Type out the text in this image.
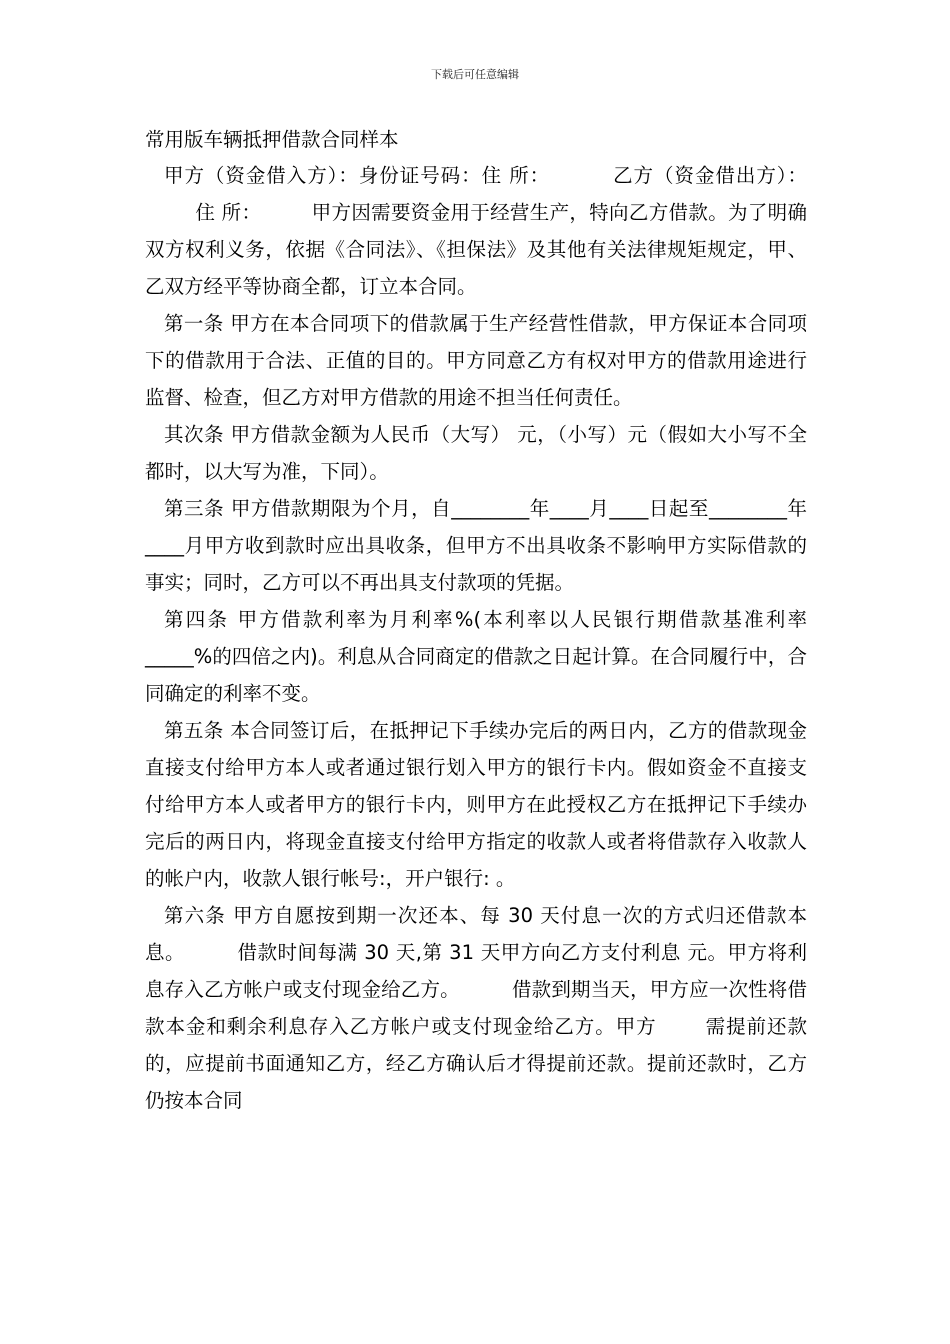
下载后可任意编辑

常用版车辆抵押借款合同样本

甲方（资金借入方）：身份证号码：住 所：	乙方（资金借出方）：住 所：	甲方因需要资金用于经营生产，特向乙方借款。为了明确双方权利义务，依据《合同法》、《担保法》及其他有关法律规矩规定，甲、乙双方经平等协商全都，订立本合同。

第一条 甲方在本合同项下的借款属于生产经营性借款，甲方保证本合同项下的借款用于合法、正值的目的。甲方同意乙方有权对甲方的借款用途进行监督、检查，但乙方对甲方借款的用途不担当任何责任。

其次条 甲方借款金额为人民币（大写） 元，（小写）元（假如大小写不全都时，以大写为准，下同）。

第三条 甲方借款期限为个月，自________年____月____日起至________年____月甲方收到款时应出具收条，但甲方不出具收条不影响甲方实际借款的事实；同时，乙方可以不再出具支付款项的凭据。

第四条 甲方借款利率为月利率%(本利率以人民银行期借款基准利率_____%的四倍之内)。利息从合同商定的借款之日起计算。在合同履行中，合同确定的利率不变。

第五条 本合同签订后，在抵押记下手续办完后的两日内，乙方的借款现金直接支付给甲方本人或者通过银行划入甲方的银行卡内。假如资金不直接支付给甲方本人或者甲方的银行卡内，则甲方在此授权乙方在抵押记下手续办完后的两日内，将现金直接支付给甲方指定的收款人或者将借款存入收款人的帐户内，收款人银行帐号:，开户银行: 。

第六条 甲方自愿按到期一次还本、每 30 天付息一次的方式归还借款本息。	借款时间每满 30 天,第 31 天甲方向乙方支付利息 元。甲方将利息存入乙方帐户或支付现金给乙方。	借款到期当天，甲方应一次性将借款本金和剩余利息存入乙方帐户或支付现金给乙方。甲方 需提前还款的，应提前书面通知乙方，经乙方确认后才得提前还款。提前还款时，乙方仍按本合同
